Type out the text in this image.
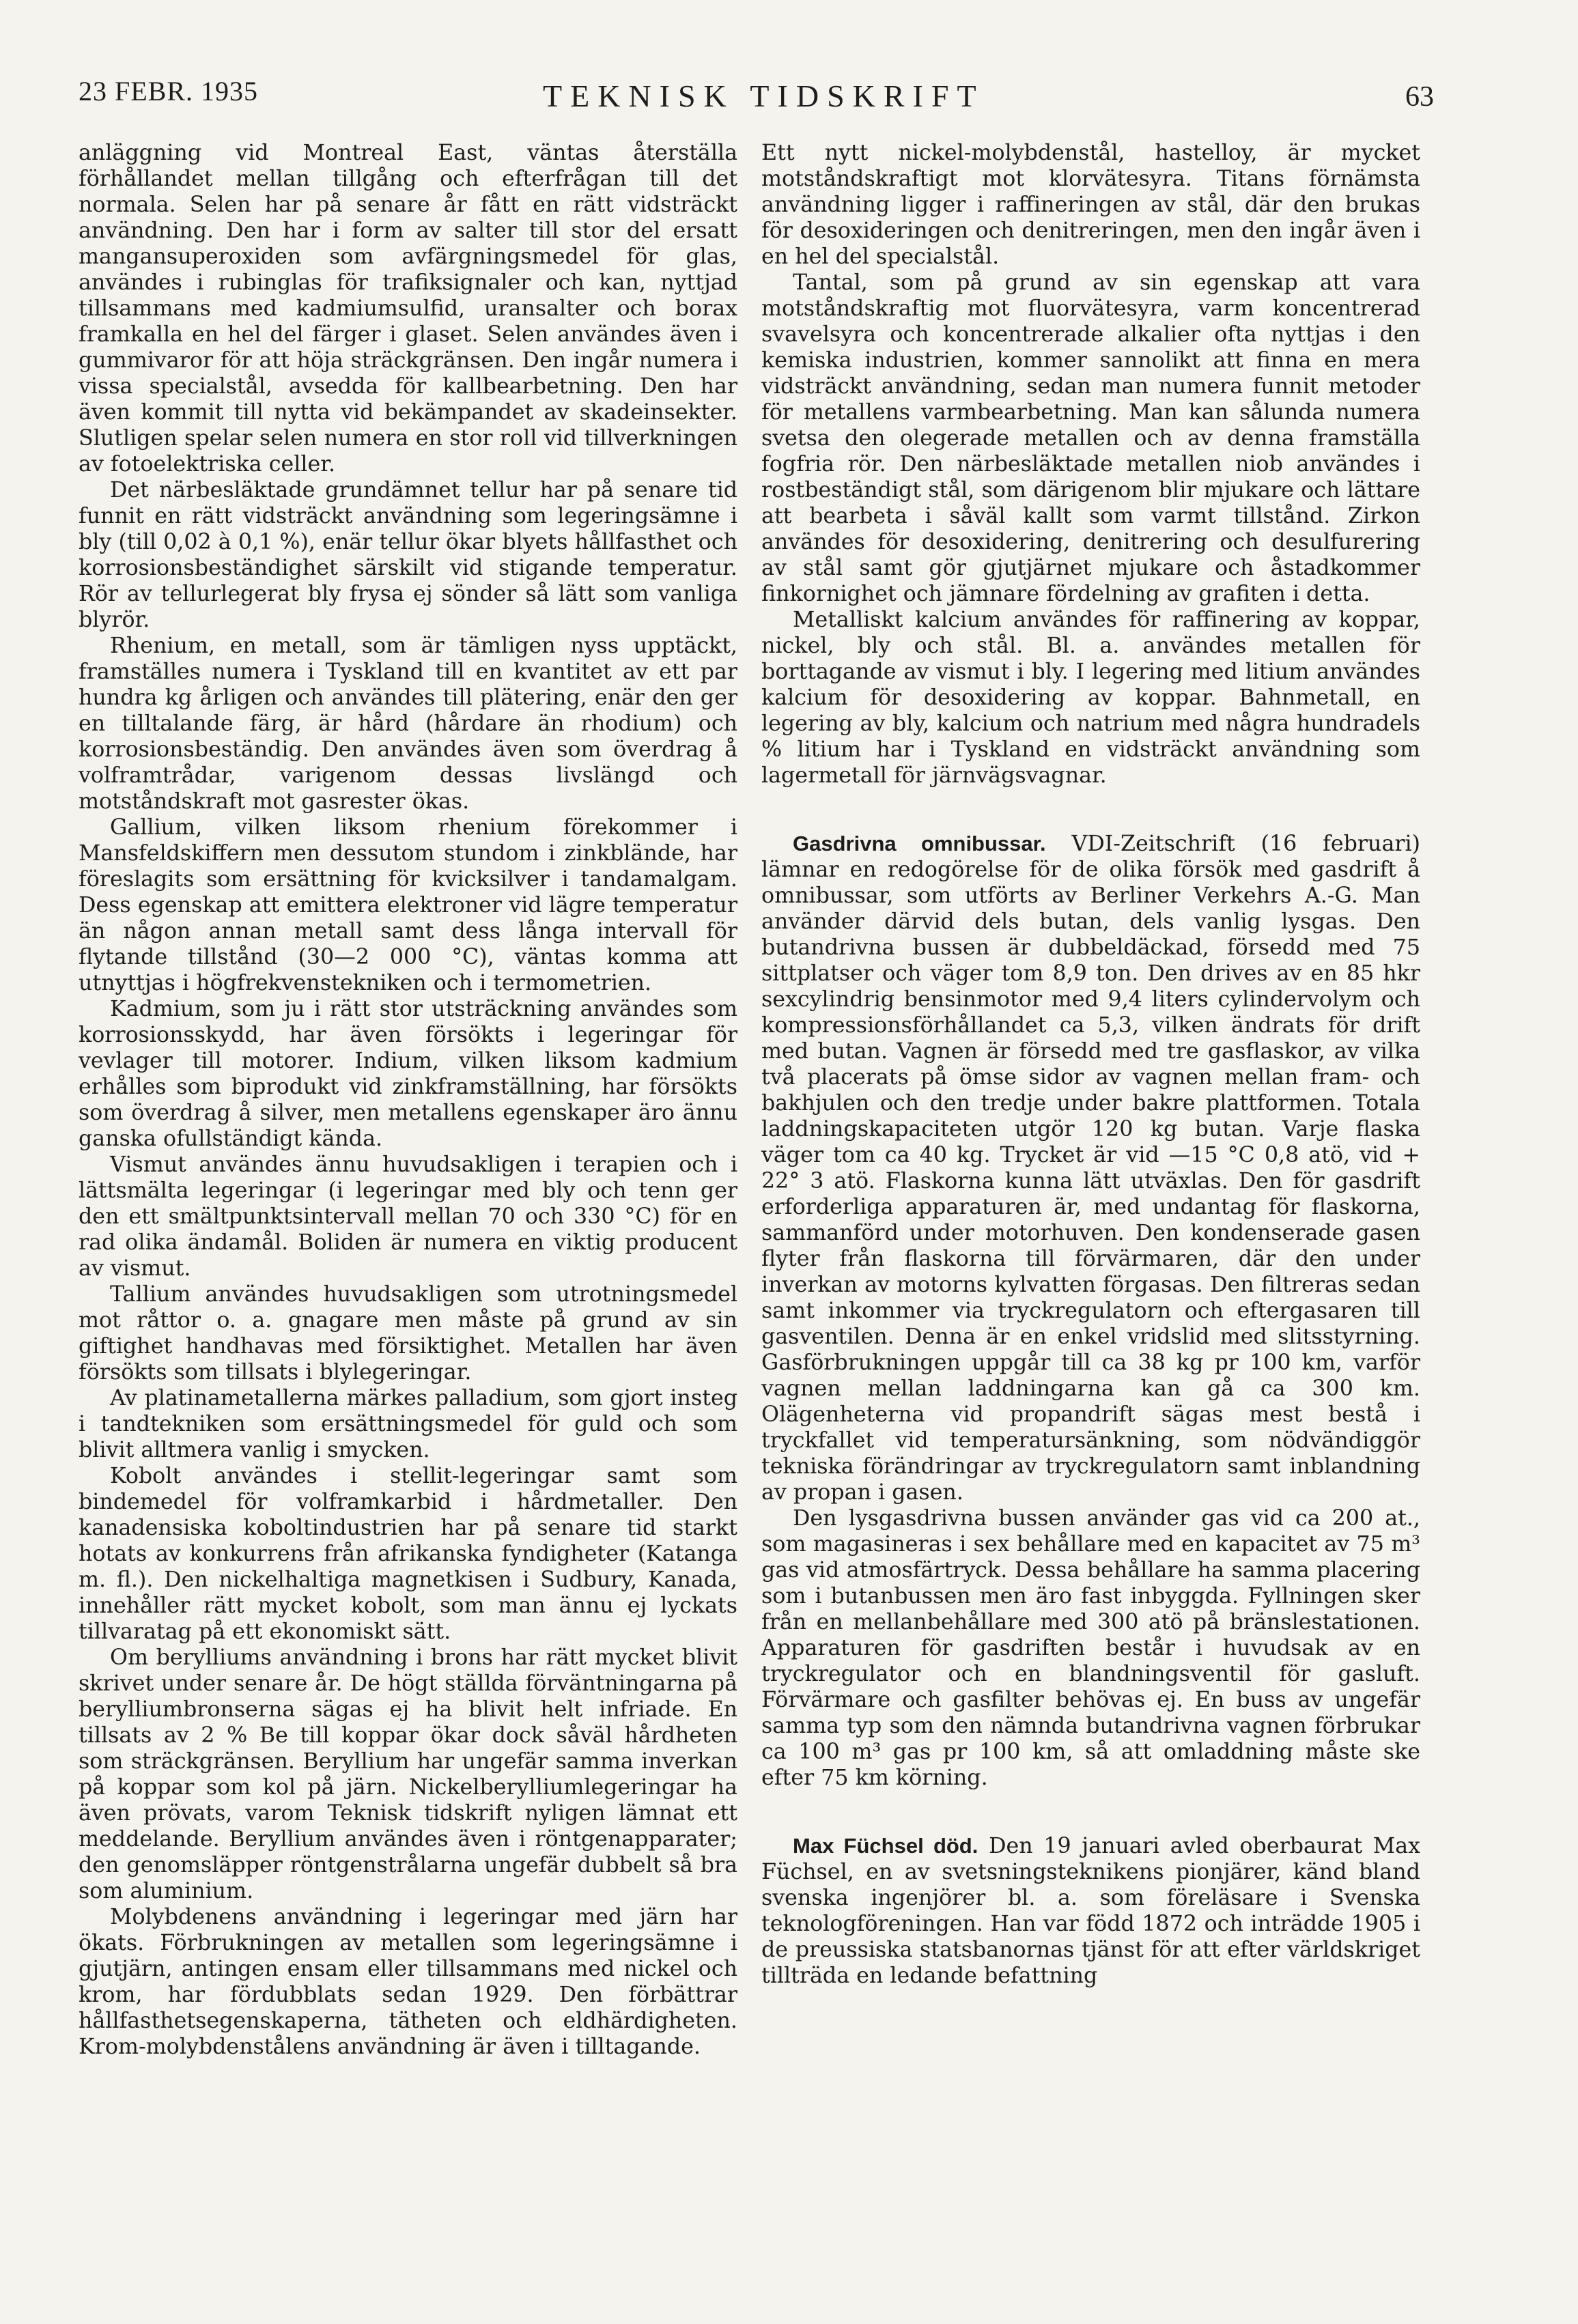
23 FEBR. 1935	TEKNISK TIDSKRIFT	63

anläggning vid Montreal East, väntas återställa förhållandet mellan tillgång och efterfrågan till det normala. Selen har på senare år fått en rätt vidsträckt användning. Den har i form av salter till stor del ersatt mangansuperoxiden som avfärgningsmedel för glas, användes i rubinglas för trafiksignaler och kan, nyttjad tillsammans med kadmiumsulfid, uransalter och borax framkalla en hel del färger i glaset. Selen användes även i gummivaror för att höja sträckgränsen. Den ingår numera i vissa specialstål, avsedda för kallbearbetning. Den har även kommit till nytta vid bekämpandet av skadeinsekter. Slutligen spelar selen numera en stor roll vid tillverkningen av fotoelektriska celler.

Det närbesläktade grundämnet tellur har på senare tid funnit en rätt vidsträckt användning som legeringsämne i bly (till 0,02 à 0,1 %), enär tellur ökar blyets hållfasthet och korrosionsbeständighet särskilt vid stigande temperatur. Rör av tellurlegerat bly frysa ej sönder så lätt som vanliga blyrör.

Rhenium, en metall, som är tämligen nyss upptäckt, framställes numera i Tyskland till en kvantitet av ett par hundra kg årligen och användes till plätering, enär den ger en tilltalande färg, är hård (hårdare än rhodium) och korrosionsbeständig. Den användes även som överdrag å volframtrådar, varigenom dessas livslängd och motståndskraft mot gasrester ökas.

Gallium, vilken liksom rhenium förekommer i Mansfeldskiffern men dessutom stundom i zinkblände, har föreslagits som ersättning för kvicksilver i tandamalgam. Dess egenskap att emittera elektroner vid lägre temperatur än någon annan metall samt dess långa intervall för flytande tillstånd (30—2 000 °C), väntas komma att utnyttjas i högfrekvenstekniken och i termometrien.

Kadmium, som ju i rätt stor utsträckning användes som korrosionsskydd, har även försökts i legeringar för vevlager till motorer. Indium, vilken liksom kadmium erhålles som biprodukt vid zinkframställning, har försökts som överdrag å silver, men metallens egenskaper äro ännu ganska ofullständigt kända.

Vismut användes ännu huvudsakligen i terapien och i lättsmälta legeringar (i legeringar med bly och tenn ger den ett smältpunktsintervall mellan 70 och 330 °C) för en rad olika ändamål. Boliden är numera en viktig producent av vismut.

Tallium användes huvudsakligen som utrotningsmedel mot råttor o. a. gnagare men måste på grund av sin giftighet handhavas med försiktighet. Metallen har även försökts som tillsats i blylegeringar.

Av platinametallerna märkes palladium, som gjort insteg i tandtekniken som ersättningsmedel för guld och som blivit alltmera vanlig i smycken.

Kobolt användes i stellit-legeringar samt som bindemedel för volframkarbid i hårdmetaller. Den kanadensiska koboltindustrien har på senare tid starkt hotats av konkurrens från afrikanska fyndigheter (Katanga m. fl.). Den nickelhaltiga magnetkisen i Sudbury, Kanada, innehåller rätt mycket kobolt, som man ännu ej lyckats tillvaratag på ett ekonomiskt sätt.

Om berylliums användning i brons har rätt mycket blivit skrivet under senare år. De högt ställda förväntningarna på berylliumbronserna sägas ej ha blivit helt infriade. En tillsats av 2 % Be till koppar ökar dock såväl hårdheten som sträckgränsen. Beryllium har ungefär samma inverkan på koppar som kol på järn. Nickelberylliumlegeringar ha även prövats, varom Teknisk tidskrift nyligen lämnat ett meddelande. Beryllium användes även i röntgenapparater; den genomsläpper röntgenstrålarna ungefär dubbelt så bra som aluminium.

Molybdenens användning i legeringar med järn har ökats. Förbrukningen av metallen som legeringsämne i gjutjärn, antingen ensam eller tillsammans med nickel och krom, har fördubblats sedan 1929. Den förbättrar hållfasthetsegenskaperna, tätheten och eldhärdigheten. Krom-molybdenstålens användning är även i tilltagande.

Ett nytt nickel-molybdenstål, hastelloy, är mycket motståndskraftigt mot klorvätesyra. Titans förnämsta användning ligger i raffineringen av stål, där den brukas för desoxideringen och denitreringen, men den ingår även i en hel del specialstål.

Tantal, som på grund av sin egenskap att vara motståndskraftig mot fluorvätesyra, varm koncentrerad svavelsyra och koncentrerade alkalier ofta nyttjas i den kemiska industrien, kommer sannolikt att finna en mera vidsträckt användning, sedan man numera funnit metoder för metallens varmbearbetning. Man kan sålunda numera svetsa den olegerade metallen och av denna framställa fogfria rör. Den närbesläktade metallen niob användes i rostbeständigt stål, som därigenom blir mjukare och lättare att bearbeta i såväl kallt som varmt tillstånd. Zirkon användes för desoxidering, denitrering och desulfurering av stål samt gör gjutjärnet mjukare och åstadkommer finkornighet och jämnare fördelning av grafiten i detta.

Metalliskt kalcium användes för raffinering av koppar, nickel, bly och stål. Bl. a. användes metallen för borttagande av vismut i bly. I legering med litium användes kalcium för desoxidering av koppar. Bahnmetall, en legering av bly, kalcium och natrium med några hundradels % litium har i Tyskland en vidsträckt användning som lagermetall för järnvägsvagnar.

Gasdrivna omnibussar. VDI-Zeitschrift (16 februari) lämnar en redogörelse för de olika försök med gasdrift å omnibussar, som utförts av Berliner Verkehrs A.-G. Man använder därvid dels butan, dels vanlig lysgas. Den butandrivna bussen är dubbeldäckad, försedd med 75 sittplatser och väger tom 8,9 ton. Den drives av en 85 hkr sexcylindrig bensinmotor med 9,4 liters cylindervolym och kompressionsförhållandet ca 5,3, vilken ändrats för drift med butan. Vagnen är försedd med tre gasflaskor, av vilka två placerats på ömse sidor av vagnen mellan fram- och bakhjulen och den tredje under bakre plattformen. Totala laddningskapaciteten utgör 120 kg butan. Varje flaska väger tom ca 40 kg. Trycket är vid —15 °C 0,8 atö, vid + 22° 3 atö. Flaskorna kunna lätt utväxlas. Den för gasdrift erforderliga apparaturen är, med undantag för flaskorna, sammanförd under motorhuven. Den kondenserade gasen flyter från flaskorna till förvärmaren, där den under inverkan av motorns kylvatten förgasas. Den filtreras sedan samt inkommer via tryckregulatorn och eftergasaren till gasventilen. Denna är en enkel vridslid med slitsstyrning. Gasförbrukningen uppgår till ca 38 kg pr 100 km, varför vagnen mellan laddningarna kan gå ca 300 km. Olägenheterna vid propandrift sägas mest bestå i tryckfallet vid temperatursänkning, som nödvändiggör tekniska förändringar av tryckregulatorn samt inblandning av propan i gasen.

Den lysgasdrivna bussen använder gas vid ca 200 at., som magasineras i sex behållare med en kapacitet av 75 m³ gas vid atmosfärtryck. Dessa behållare ha samma placering som i butanbussen men äro fast inbyggda. Fyllningen sker från en mellanbehållare med 300 atö på bränslestationen. Apparaturen för gasdriften består i huvudsak av en tryckregulator och en blandningsventil för gasluft. Förvärmare och gasfilter behövas ej. En buss av ungefär samma typ som den nämnda butandrivna vagnen förbrukar ca 100 m³ gas pr 100 km, så att omladdning måste ske efter 75 km körning.

Max Füchsel död. Den 19 januari avled oberbaurat Max Füchsel, en av svetsningsteknikens pionjärer, känd bland svenska ingenjörer bl. a. som föreläsare i Svenska teknologföreningen. Han var född 1872 och inträdde 1905 i de preussiska statsbanornas tjänst för att efter världskriget tillträda en ledande befattning
